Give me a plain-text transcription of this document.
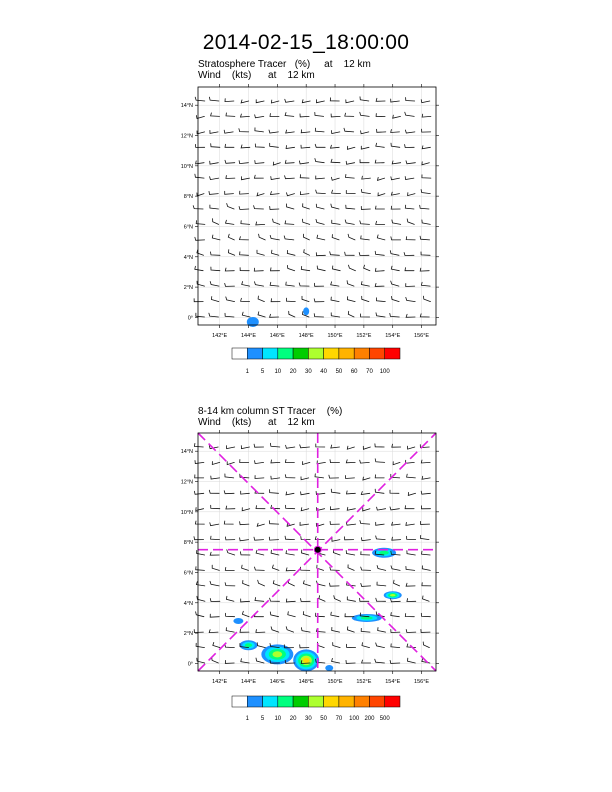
2014-02-15_18:00:00
Stratosphere Tracer   (%)     at    12 km
Wind    (kts)      at    12 km
8-14 km column ST Tracer    (%)
Wind    (kts)      at    12 km
142°E	144°E	146°E	148°E	150°E	152°E	154°E	156°E
0°
2°N
4°N
6°N
8°N
10°N
12°N
14°N
1 5 10 20 30 40 50 60 70 100
142°E	144°E	146°E	148°E	150°E	152°E	154°E	156°E
0°
2°N
4°N
6°N
8°N
10°N
12°N
14°N
1 5 10 20 30 50 70 100 200 500
